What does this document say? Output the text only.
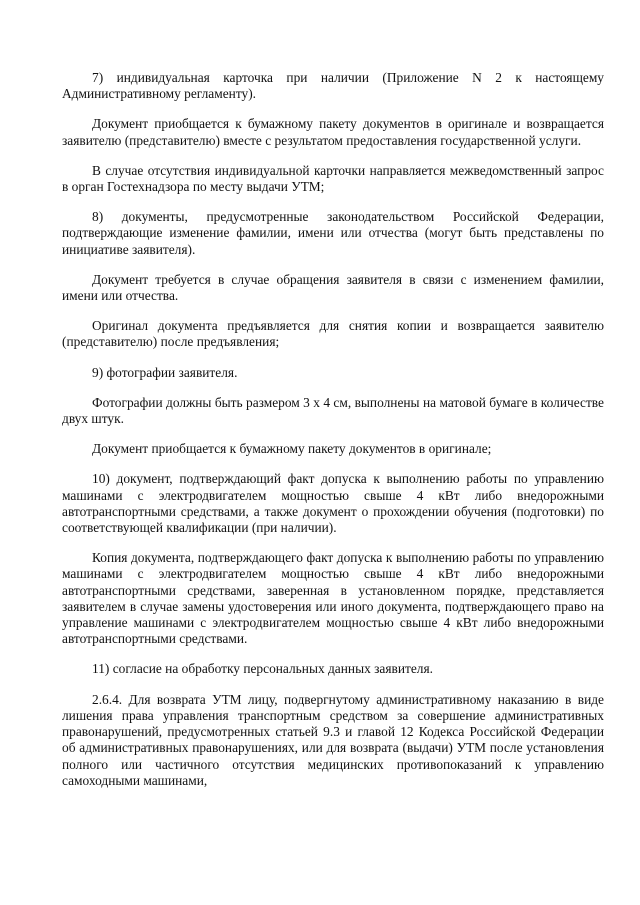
7) индивидуальная карточка при наличии (Приложение N 2 к настоящему Административному регламенту).

Документ приобщается к бумажному пакету документов в оригинале и возвращается заявителю (представителю) вместе с результатом предоставления государственной услуги.

В случае отсутствия индивидуальной карточки направляется межведомственный запрос в орган Гостехнадзора по месту выдачи УТМ;

8) документы, предусмотренные законодательством Российской Федерации, подтверждающие изменение фамилии, имени или отчества (могут быть представлены по инициативе заявителя).

Документ требуется в случае обращения заявителя в связи с изменением фамилии, имени или отчества.

Оригинал документа предъявляется для снятия копии и возвращается заявителю (представителю) после предъявления;

9) фотографии заявителя.

Фотографии должны быть размером 3 х 4 см, выполнены на матовой бумаге в количестве двух штук.

Документ приобщается к бумажному пакету документов в оригинале;

10) документ, подтверждающий факт допуска к выполнению работы по управлению машинами с электродвигателем мощностью свыше 4 кВт либо внедорожными автотранспортными средствами, а также документ о прохождении обучения (подготовки) по соответствующей квалификации (при наличии).

Копия документа, подтверждающего факт допуска к выполнению работы по управлению машинами с электродвигателем мощностью свыше 4 кВт либо внедорожными автотранспортными средствами, заверенная в установленном порядке, представляется заявителем в случае замены удостоверения или иного документа, подтверждающего право на управление машинами с электродвигателем мощностью свыше 4 кВт либо внедорожными автотранспортными средствами.

11) согласие на обработку персональных данных заявителя.

2.6.4. Для возврата УТМ лицу, подвергнутому административному наказанию в виде лишения права управления транспортным средством за совершение административных правонарушений, предусмотренных статьей 9.3 и главой 12 Кодекса Российской Федерации об административных правонарушениях, или для возврата (выдачи) УТМ после установления полного или частичного отсутствия медицинских противопоказаний к управлению самоходными машинами,
